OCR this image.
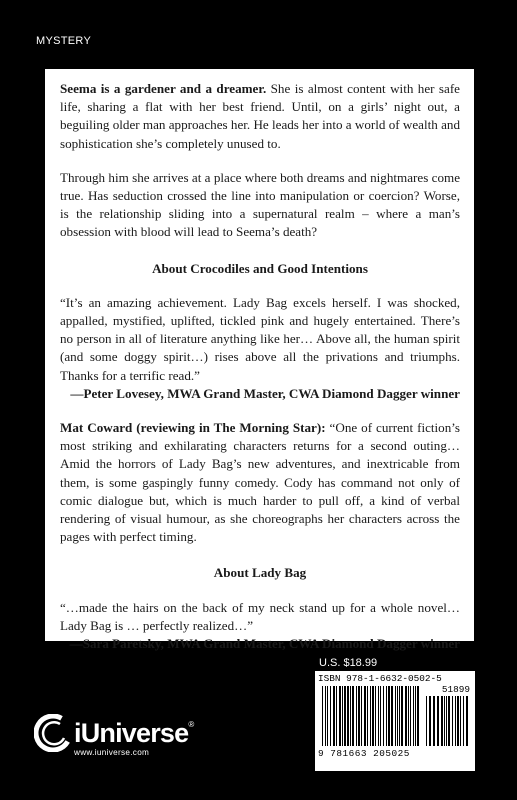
MYSTERY

Seema is a gardener and a dreamer. She is almost content with her safe life, sharing a flat with her best friend. Until, on a girls’ night out, a beguiling older man approaches her. He leads her into a world of wealth and sophistication she’s completely unused to.

Through him she arrives at a place where both dreams and nightmares come true. Has seduction crossed the line into manipulation or coercion? Worse, is the relationship sliding into a supernatural realm – where a man’s obsession with blood will lead to Seema’s death?

About Crocodiles and Good Intentions

“It’s an amazing achievement. Lady Bag excels herself. I was shocked, appalled, mystified, uplifted, tickled pink and hugely entertained. There’s no person in all of literature anything like her… Above all, the human spirit (and some doggy spirit…) rises above all the privations and triumphs. Thanks for a terrific read.”

—Peter Lovesey, MWA Grand Master, CWA Diamond Dagger winner

Mat Coward (reviewing in The Morning Star): “One of current fiction’s most striking and exhilarating characters returns for a second outing… Amid the horrors of Lady Bag’s new adventures, and inextricable from them, is some gaspingly funny comedy. Cody has command not only of comic dialogue but, which is much harder to pull off, a kind of verbal rendering of visual humour, as she choreographs her characters across the pages with perfect timing.

About Lady Bag

“…made the hairs on the back of my neck stand up for a whole novel… Lady Bag is … perfectly realized…”

—Sara Paretsky, MWA Grand Master, CWA Diamond Dagger winner

U.S. $18.99
ISBN 978-1-6632-0502-5
51899
9 781663 205025
iUniverse ®
www.iuniverse.com
